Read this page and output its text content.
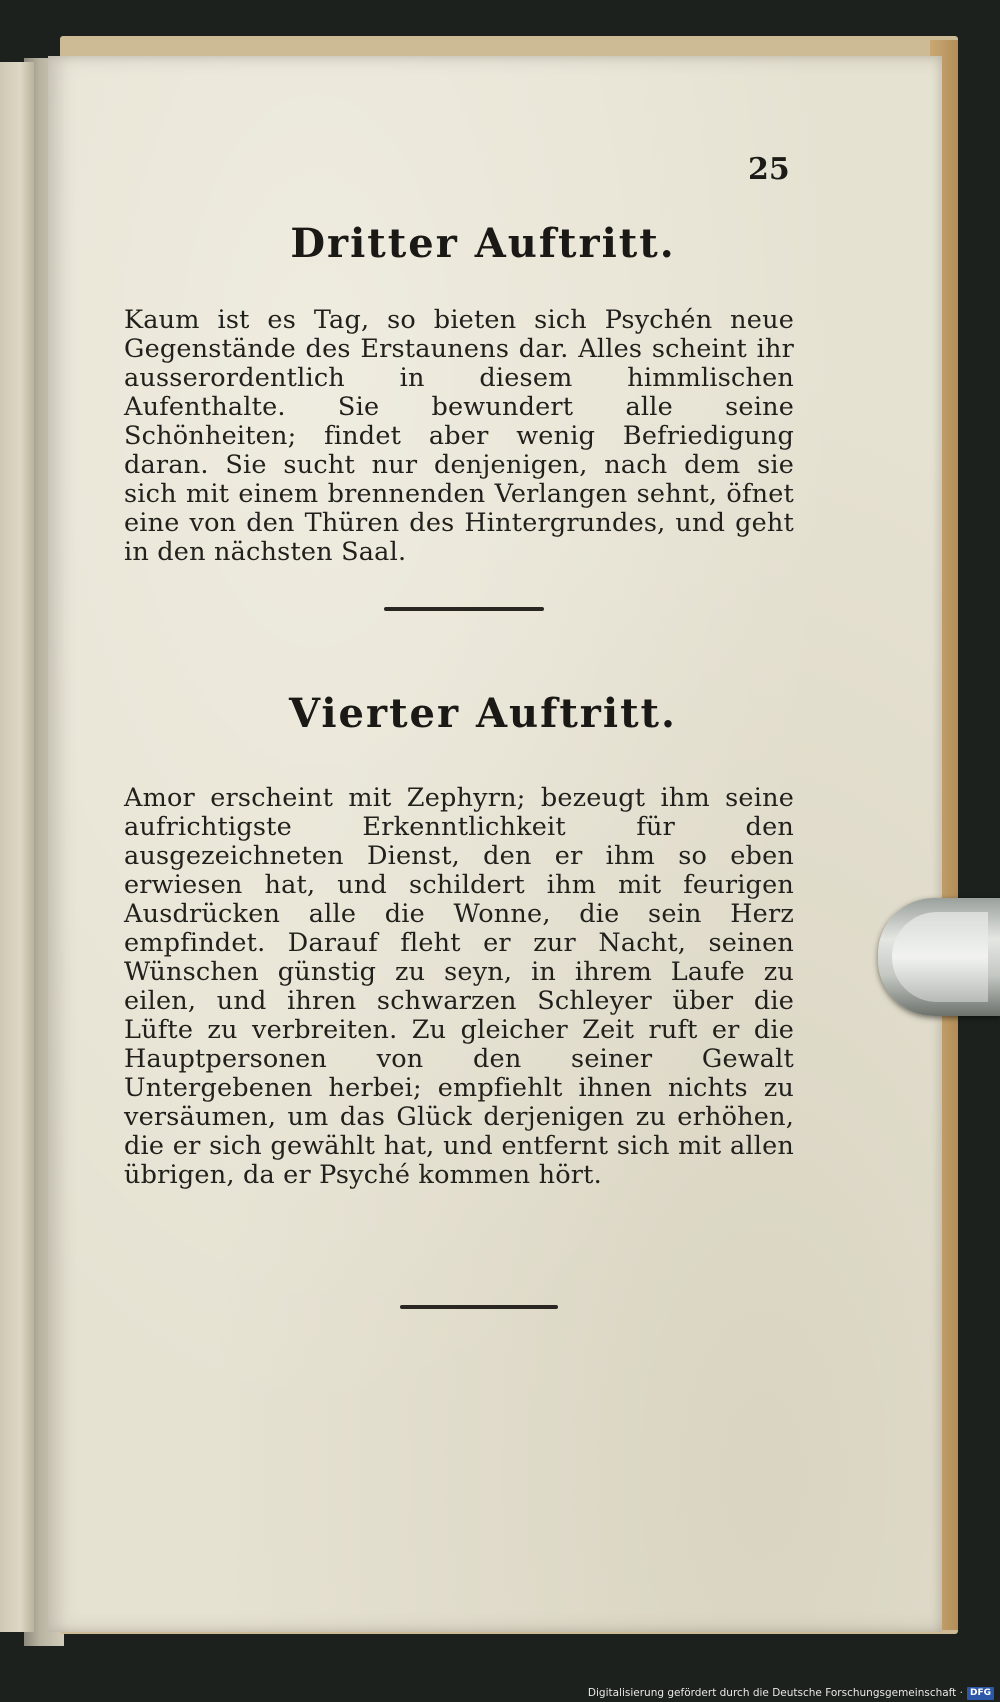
25
Dritter Auftritt.

Kaum ist es Tag, so bieten sich Psychén neue Gegenstände des Erstaunens dar. Alles scheint ihr ausserordentlich in diesem himmlischen Aufenthalte. Sie bewundert alle seine Schönheiten; findet aber wenig Befriedigung daran. Sie sucht nur denjenigen, nach dem sie sich mit einem brennenden Verlangen sehnt, öfnet eine von den Thüren des Hintergrundes, und geht in den nächsten Saal.

Vierter Auftritt.

Amor erscheint mit Zephyrn; bezeugt ihm seine aufrichtigste Erkenntlichkeit für den ausgezeichneten Dienst, den er ihm so eben erwiesen hat, und schildert ihm mit feurigen Ausdrücken alle die Wonne, die sein Herz empfindet. Darauf fleht er zur Nacht, seinen Wünschen günstig zu seyn, in ihrem Laufe zu eilen, und ihren schwarzen Schleyer über die Lüfte zu verbreiten. Zu gleicher Zeit ruft er die Hauptpersonen von den seiner Gewalt Untergebenen herbei; empfiehlt ihnen nichts zu versäumen, um das Glück derjenigen zu erhöhen, die er sich gewählt hat, und entfernt sich mit allen übrigen, da er Psyché kommen hört.

Digitalisierung gefördert durch die Deutsche Forschungsgemeinschaft · DFG
